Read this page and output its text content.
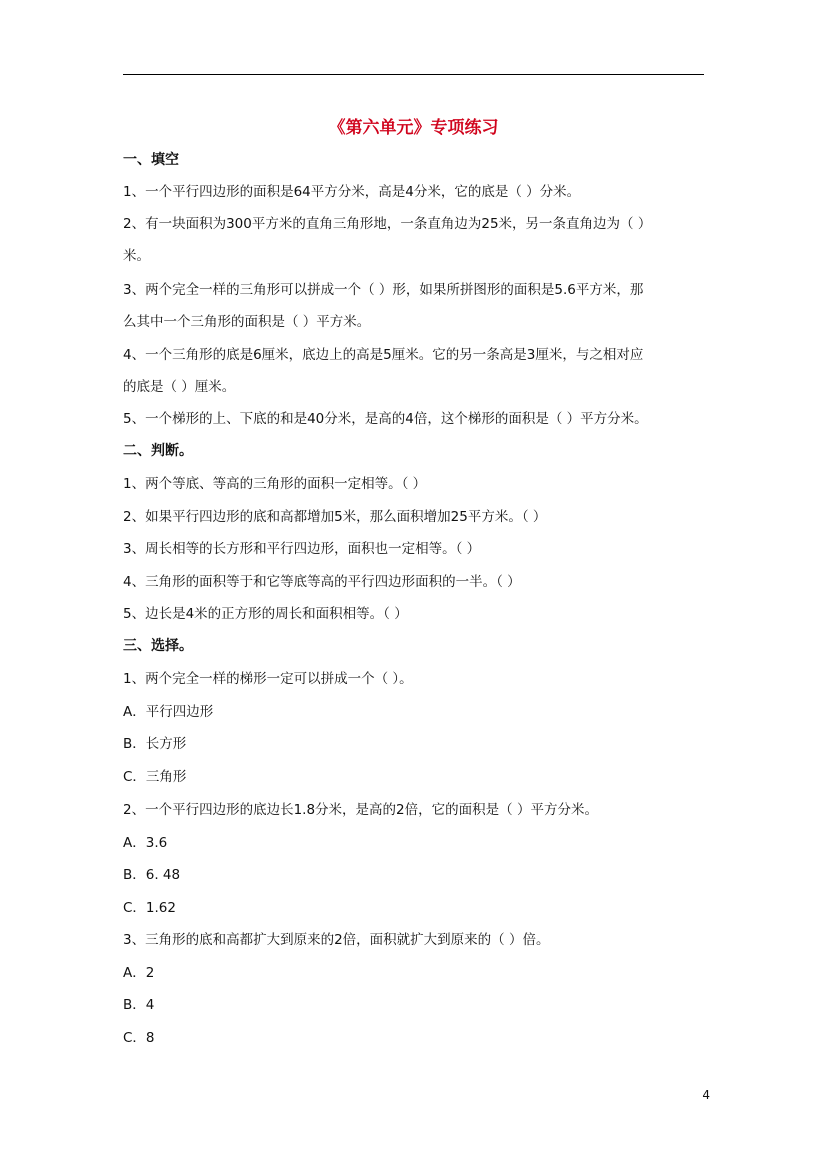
《第六单元》专项练习
一、填空
1、一个平行四边形的面积是64平方分米，高是4分米，它的底是（ ）分米。
2、有一块面积为300平方米的直角三角形地，一条直角边为25米，另一条直角边为（ ）
米。
3、两个完全一样的三角形可以拼成一个（ ）形，如果所拼图形的面积是5.6平方米，那
么其中一个三角形的面积是（ ）平方米。
4、一个三角形的底是6厘米，底边上的高是5厘米。它的另一条高是3厘米，与之相对应
的底是（ ）厘米。
5、一个梯形的上、下底的和是40分米，是高的4倍，这个梯形的面积是（ ）平方分米。
二、判断。
1、两个等底、等高的三角形的面积一定相等。（ ）
2、如果平行四边形的底和高都增加5米，那么面积增加25平方米。（ ）
3、周长相等的长方形和平行四边形，面积也一定相等。（ ）
4、三角形的面积等于和它等底等高的平行四边形面积的一半。（ ）
5、边长是4米的正方形的周长和面积相等。（ ）
三、选择。
1、两个完全一样的梯形一定可以拼成一个（ ）。
A．平行四边形
B．长方形
C．三角形
2、一个平行四边形的底边长1.8分米，是高的2倍，它的面积是（ ）平方分米。
A．3.6
B．6. 48
C．1.62
3、三角形的底和高都扩大到原来的2倍，面积就扩大到原来的（ ）倍。
A．2
B．4
C．8
4
